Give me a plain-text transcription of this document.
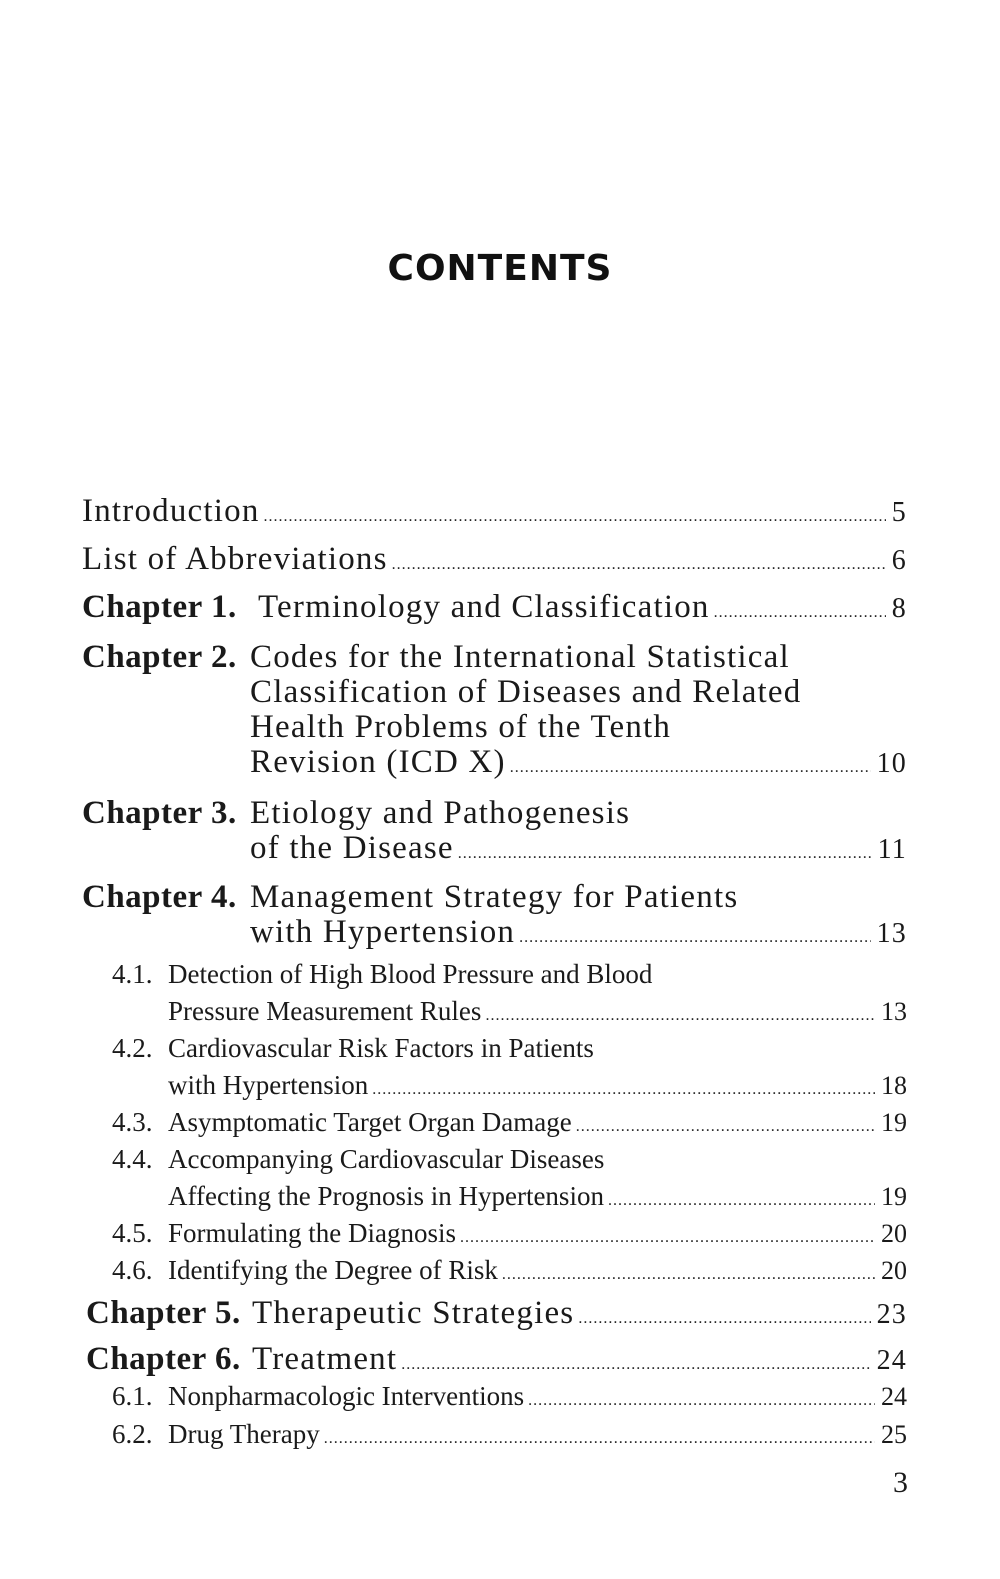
CONTENTS
Introduction .....	5
List of Abbreviations .....	6
Chapter 1. Terminology and Classification .....	8
Chapter 2. Codes for the International Statistical
Classification of Diseases and Related
Health Problems of the Tenth
Revision (ICD X) .....	10
Chapter 3. Etiology and Pathogenesis
of the Disease .....	11
Chapter 4. Management Strategy for Patients
with Hypertension .....	13
4.1. Detection of High Blood Pressure and Blood
Pressure Measurement Rules .....	13
4.2. Cardiovascular Risk Factors in Patients
with Hypertension .....	18
4.3. Asymptomatic Target Organ Damage .....	19
4.4. Accompanying Cardiovascular Diseases
Affecting the Prognosis in Hypertension .....	19
4.5. Formulating the Diagnosis .....	20
4.6. Identifying the Degree of Risk .....	20
Chapter 5. Therapeutic Strategies .....	23
Chapter 6. Treatment .....	24
6.1. Nonpharmacologic Interventions .....	24
6.2. Drug Therapy .....	25
3
